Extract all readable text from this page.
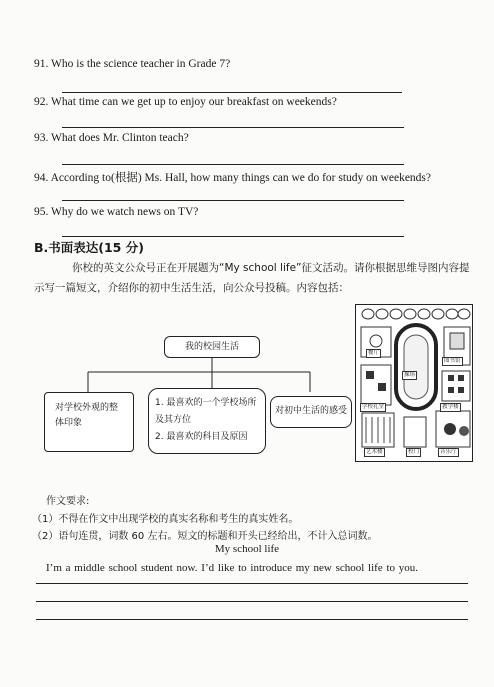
91. Who is the science teacher in Grade 7?
92. What time can we get up to enjoy our breakfast on weekends?
93. What does Mr. Clinton teach?
94. According to(根据) Ms. Hall, how many things can we do for study on weekends?
95. Why do we watch news on TV?
B.书面表达(15 分)
你校的英文公众号正在开展题为“My school life”征文活动。请你根据思维导图内容提示写一篇短文，介绍你的初中生活生活，向公众号投稿。内容包括：
我的校园生活
对学校外观的整体印象
1. 最喜欢的一个学校场所及其方位
2. 最喜欢的科目及原因
对初中生活的感受
餐厅
操场
图书馆
学校礼堂	教学楼
艺术楼	校门	音乐厅
作文要求:
（1）不得在作文中出现学校的真实名称和考生的真实姓名。
（2）语句连贯，词数 60 左右。短文的标题和开头已经给出，不计入总词数。
My school life
I’m a middle school student now. I’d like to introduce my new school life to you.
